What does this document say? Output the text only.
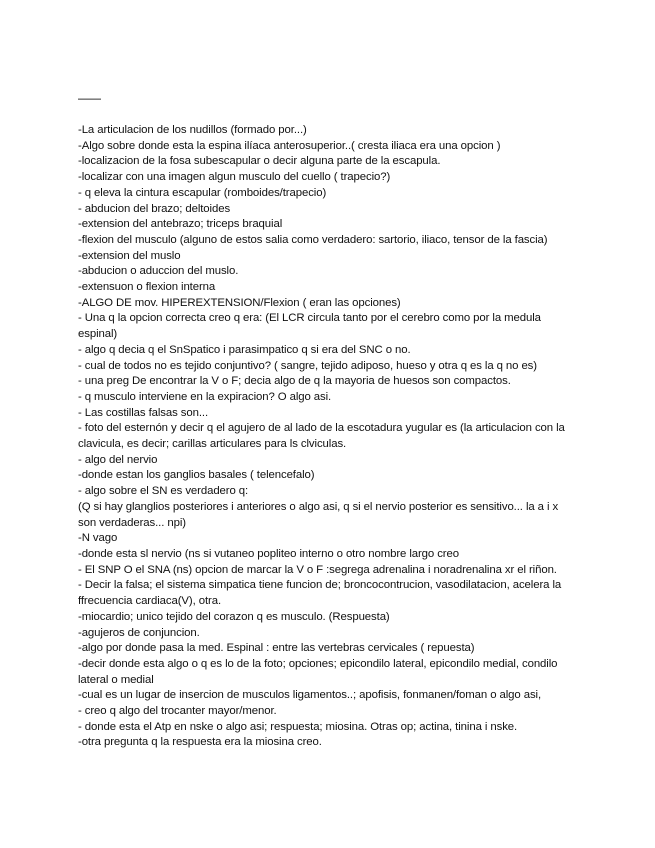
——
-La articulacion de los nudillos (formado por...)
-Algo sobre donde esta la espina ilíaca anterosuperior..( cresta iliaca era una opcion )
-localizacion de la fosa subescapular o decir alguna parte de la escapula.
-localizar con una imagen algun musculo del cuello ( trapecio?)
- q eleva la cintura escapular (romboides/trapecio)
- abducion del brazo; deltoides
-extension del antebrazo; triceps braquial
-flexion del musculo (alguno de estos salia como verdadero: sartorio, iliaco, tensor de la fascia)
-extension del muslo
-abducion o aduccion del muslo.
-extensuon o flexion interna
-ALGO DE mov. HIPEREXTENSION/Flexion ( eran las opciones)
- Una q la opcion correcta creo q era: (El LCR circula tanto por el cerebro como por la medula espinal)
- algo q decia q el SnSpatico i parasimpatico q si era del SNC o no.
- cual de todos no es tejido conjuntivo? ( sangre, tejido adiposo, hueso y otra q es la q no es)
- una preg De encontrar la V o F; decia algo de q la mayoria de huesos son compactos.
- q musculo interviene en la expiracion? O algo asi.
- Las costillas falsas son...
- foto del esternón y decir q el agujero de al lado de la escotadura yugular es (la articulacion con la clavicula, es decir; carillas articulares para ls clviculas.
- algo del nervio
-donde estan los ganglios basales ( telencefalo)
- algo sobre el SN es verdadero q:
(Q si hay glanglios posteriores i anteriores o algo asi, q si el nervio posterior es sensitivo... la a i x son verdaderas... npi)
-N vago
-donde esta sl nervio (ns si vutaneo popliteo interno o otro nombre largo creo
- El SNP O el SNA (ns) opcion de marcar la V o F :segrega adrenalina i noradrenalina xr el riñon.
- Decir la falsa; el sistema simpatica tiene funcion de; broncocontrucion, vasodilatacion, acelera la ffrecuencia cardiaca(V), otra.
-miocardio; unico tejido del corazon q es musculo. (Respuesta)
-agujeros de conjuncion.
-algo por donde pasa la med. Espinal : entre las vertebras cervicales ( repuesta)
-decir donde esta algo o q es lo de la foto; opciones; epicondilo lateral, epicondilo medial, condilo lateral o medial
-cual es un lugar de insercion de musculos ligamentos..; apofisis, fonmanen/foman o algo asi,
- creo q algo del trocanter mayor/menor.
- donde esta el Atp en nske o algo asi; respuesta; miosina. Otras op; actina, tinina i nske.
-otra pregunta q la respuesta era la miosina creo.
